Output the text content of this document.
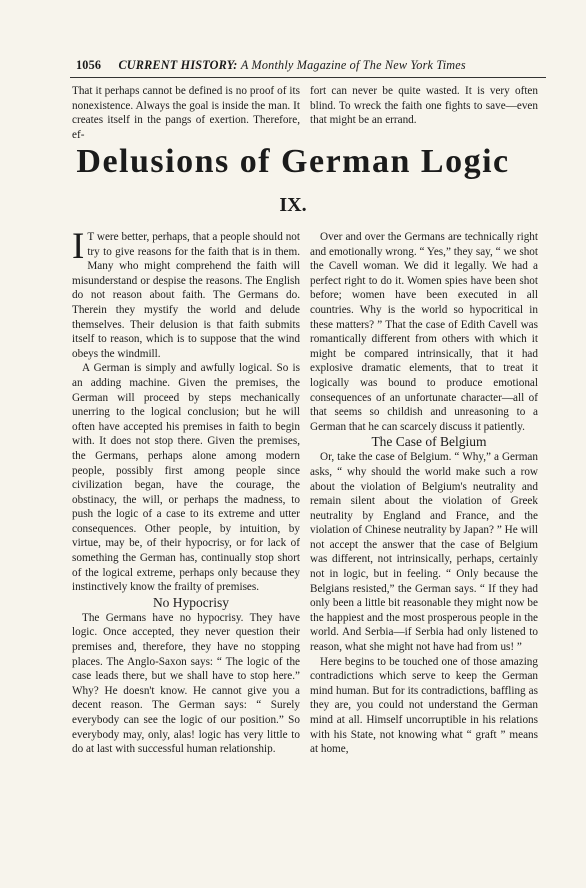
1056 CURRENT HISTORY: A Monthly Magazine of The New York Times

That it perhaps cannot be defined is no proof of its nonexistence. Always the goal is inside the man. It creates itself in the pangs of exertion. Therefore, ef-

fort can never be quite wasted. It is very often blind. To wreck the faith one fights to save—even that might be an errand.

Delusions of German Logic
IX.

I T were better, perhaps, that a people should not try to give reasons for the faith that is in them. Many who might comprehend the faith will misunderstand or despise the reasons. The English do not reason about faith. The Germans do. Therein they mystify the world and delude themselves. Their delusion is that faith submits itself to reason, which is to suppose that the wind obeys the windmill.

A German is simply and awfully logical. So is an adding machine. Given the premises, the German will proceed by steps mechanically unerring to the logical conclusion; but he will often have accepted his premises in faith to begin with. It does not stop there. Given the premises, the Germans, perhaps alone among modern people, possibly first among people since civilization began, have the courage, the obstinacy, the will, or perhaps the madness, to push the logic of a case to its extreme and utter consequences. Other people, by intuition, by virtue, may be, of their hypocrisy, or for lack of something the German has, continually stop short of the logical extreme, perhaps only because they instinctively know the frailty of premises.

No Hypocrisy

The Germans have no hypocrisy. They have logic. Once accepted, they never question their premises and, therefore, they have no stopping places. The Anglo-Saxon says: “ The logic of the case leads there, but we shall have to stop here.” Why? He doesn't know. He cannot give you a decent reason. The German says: “ Surely everybody can see the logic of our position.” So everybody may, only, alas! logic has very little to do at last with successful human relationship.

Over and over the Germans are technically right and emotionally wrong. “ Yes,” they say, “ we shot the Cavell woman. We did it legally. We had a perfect right to do it. Women spies have been shot before; women have been executed in all countries. Why is the world so hypocritical in these matters? ” That the case of Edith Cavell was romantically different from others with which it might be compared intrinsically, that it had explosive dramatic elements, that to treat it logically was bound to produce emotional consequences of an unfortunate character—all of that seems so childish and unreasoning to a German that he can scarcely discuss it patiently.

The Case of Belgium

Or, take the case of Belgium. “ Why,” a German asks, “ why should the world make such a row about the violation of Belgium's neutrality and remain silent about the violation of Greek neutrality by England and France, and the violation of Chinese neutrality by Japan? ” He will not accept the answer that the case of Belgium was different, not intrinsically, perhaps, certainly not in logic, but in feeling. “ Only because the Belgians resisted,” the German says. “ If they had only been a little bit reasonable they might now be the happiest and the most prosperous people in the world. And Serbia—if Serbia had only listened to reason, what she might not have had from us! ”

Here begins to be touched one of those amazing contradictions which serve to keep the German mind human. But for its contradictions, baffling as they are, you could not understand the German mind at all. Himself uncorruptible in his relations with his State, not knowing what “ graft ” means at home,
